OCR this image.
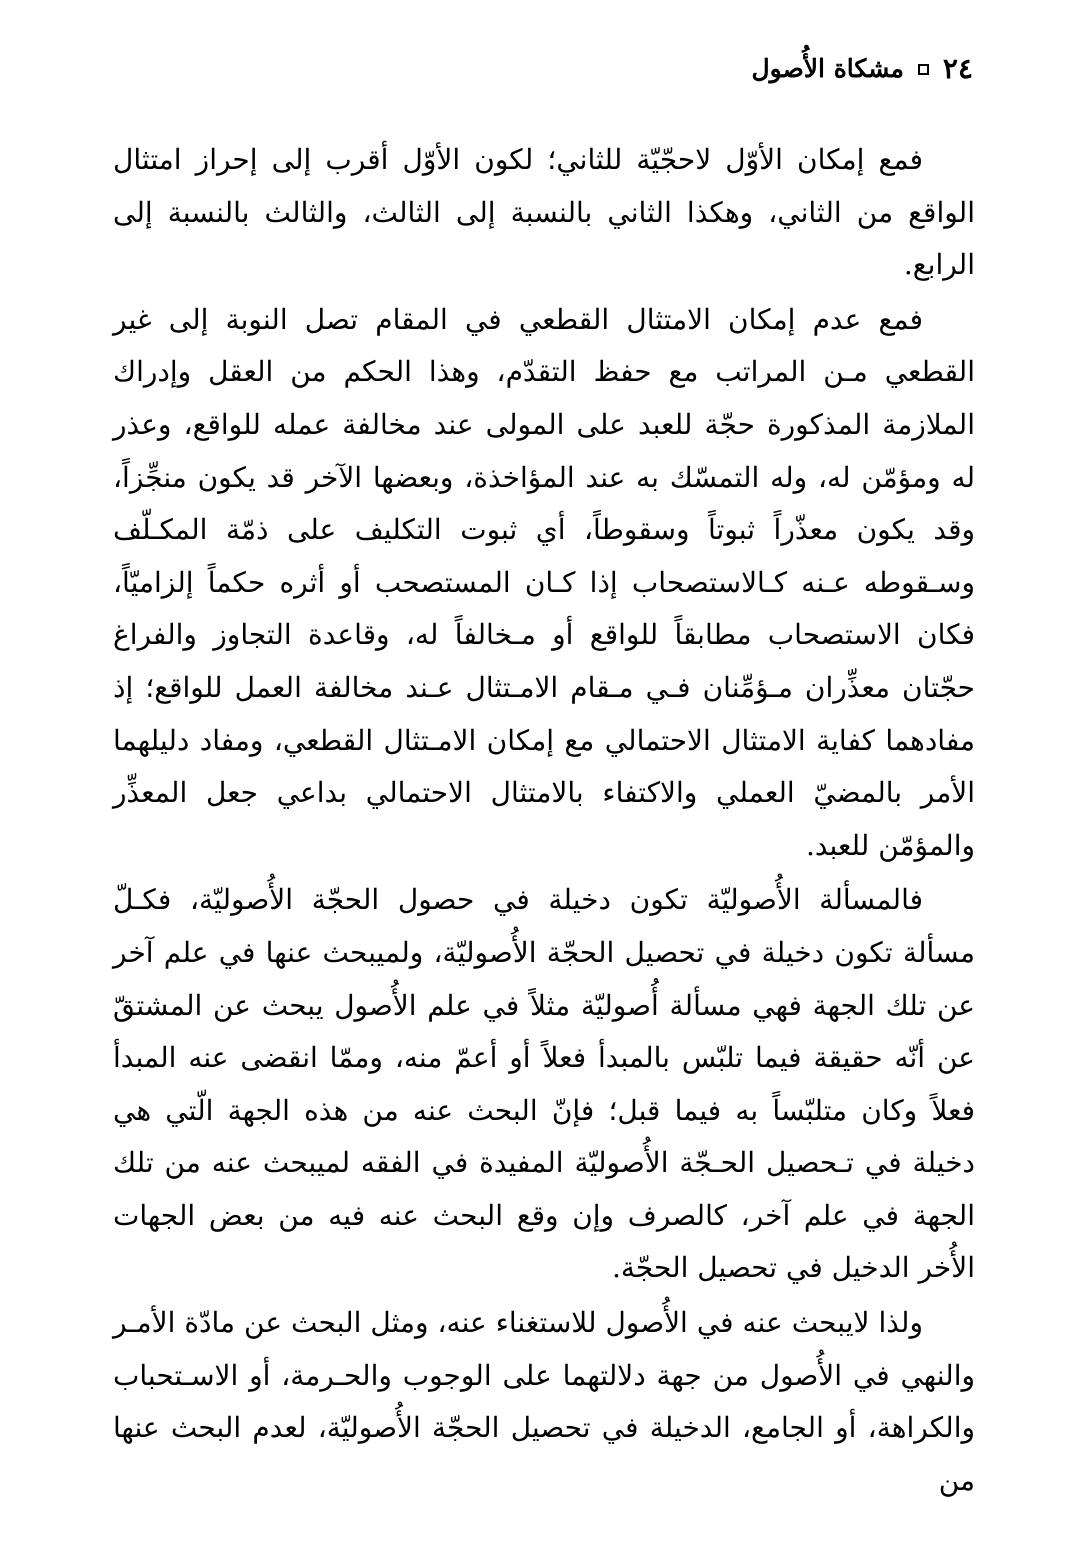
٢٤
مشكاة الأُصول

فمع إمكان الأوّل لاحجّيّة للثاني؛ لكون الأوّل أقرب إلى إحراز امتثال الواقع من الثاني، وهكذا الثاني بالنسبة إلى الثالث، والثالث بالنسبة إلى الرابع.

فمع عدم إمكان الامتثال القطعي في المقام تصل النوبة إلى غير القطعي مـن المراتب مع حفظ التقدّم، وهذا الحكم من العقل وإدراك الملازمة المذكورة حجّة للعبد على المولى عند مخالفة عمله للواقع، وعذر له ومؤمّن له، وله التمسّك به عند المؤاخذة، وبعضها الآخر قد يكون منجِّزاً، وقد يكون معذّراً ثبوتاً وسقوطاً، أي ثبوت التكليف على ذمّة المكـلّف وسـقوطه عـنه كـالاستصحاب إذا كـان المستصحب أو أثره حكماً إلزاميّاً، فكان الاستصحاب مطابقاً للواقع أو مـخالفاً له، وقاعدة التجاوز والفراغ حجّتان معذِّران مـؤمِّنان فـي مـقام الامـتثال عـند مخالفة العمل للواقع؛ إذ مفادهما كفاية الامتثال الاحتمالي مع إمكان الامـتثال القطعي، ومفاد دليلهما الأمر بالمضيّ العملي والاكتفاء بالامتثال الاحتمالي بداعي جعل المعذِّر والمؤمّن للعبد.

فالمسألة الأُصوليّة تكون دخيلة في حصول الحجّة الأُصوليّة، فكـلّ مسألة تكون دخيلة في تحصيل الحجّة الأُصوليّة، ولميبحث عنها في علم آخر عن تلك الجهة فهي مسألة أُصوليّة مثلاً في علم الأُصول يبحث عن المشتقّ عن أنّه حقيقة فيما تلبّس بالمبدأ فعلاً أو أعمّ منه، وممّا انقضى عنه المبدأ فعلاً وكان متلبّساً به فيما قبل؛ فإنّ البحث عنه من هذه الجهة الّتي هي دخيلة في تـحصيل الحـجّة الأُصوليّة المفيدة في الفقه لميبحث عنه من تلك الجهة في علم آخر، كالصرف وإن وقع البحث عنه فيه من بعض الجهات الأُخر الدخيل في تحصيل الحجّة.

ولذا لايبحث عنه في الأُصول للاستغناء عنه، ومثل البحث عن مادّة الأمـر والنهي في الأُصول من جهة دلالتهما على الوجوب والحـرمة، أو الاسـتحباب والكراهة، أو الجامع، الدخيلة في تحصيل الحجّة الأُصوليّة، لعدم البحث عنها من
